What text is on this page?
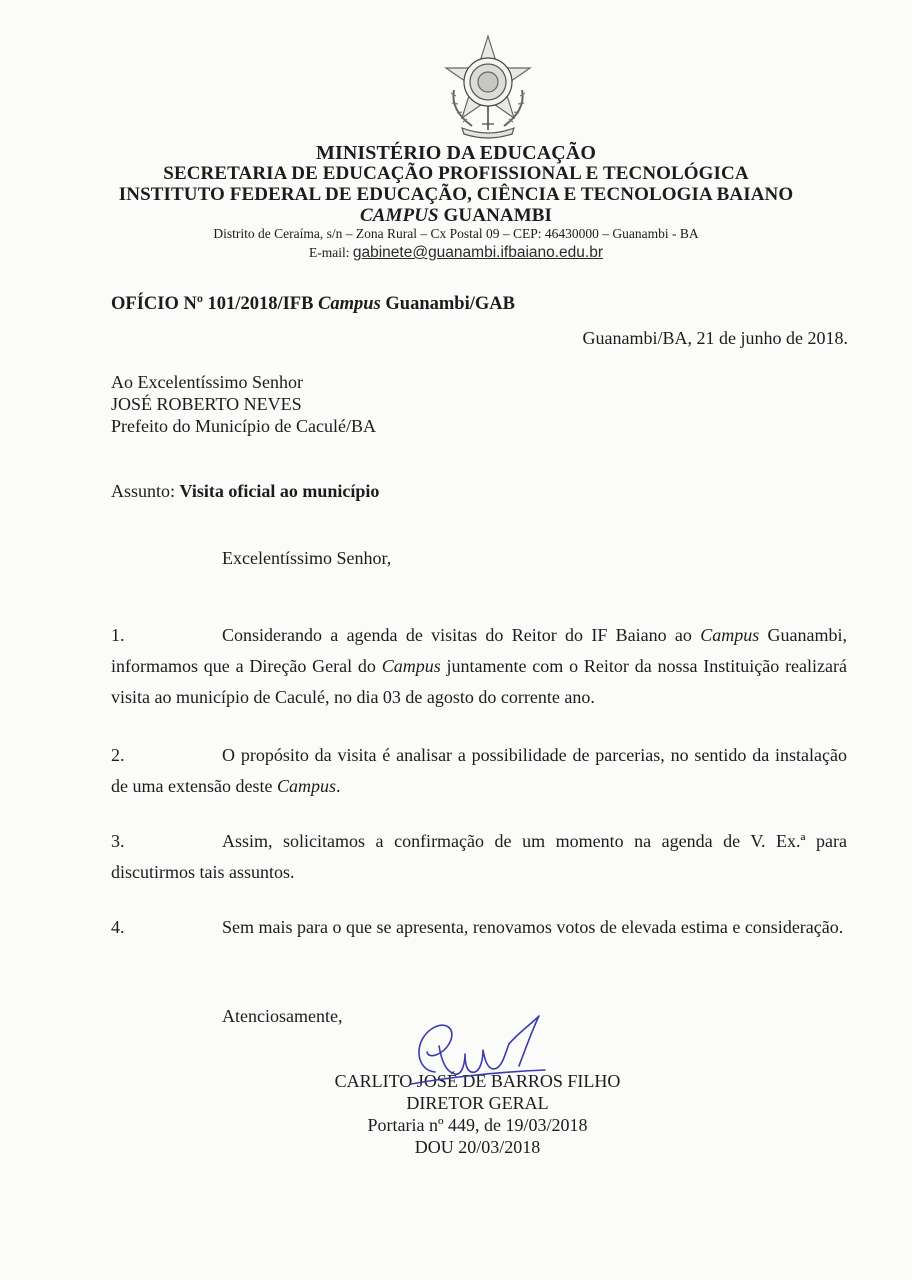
MINISTÉRIO DA EDUCAÇÃO
SECRETARIA DE EDUCAÇÃO PROFISSIONAL E TECNOLÓGICA
INSTITUTO FEDERAL DE EDUCAÇÃO, CIÊNCIA E TECNOLOGIA BAIANO
CAMPUS GUANAMBI
Distrito de Ceraíma, s/n – Zona Rural – Cx Postal 09 – CEP: 46430000 – Guanambi - BA
E-mail: gabinete@guanambi.ifbaiano.edu.br
OFÍCIO Nº 101/2018/IFB Campus Guanambi/GAB
Guanambi/BA, 21 de junho de 2018.
Ao Excelentíssimo Senhor
JOSÉ ROBERTO NEVES
Prefeito do Município de Caculé/BA
Assunto: Visita oficial ao município
Excelentíssimo Senhor,
1.	Considerando a agenda de visitas do Reitor do IF Baiano ao Campus Guanambi, informamos que a Direção Geral do Campus juntamente com o Reitor da nossa Instituição realizará visita ao município de Caculé, no dia 03 de agosto do corrente ano.
2.	O propósito da visita é analisar a possibilidade de parcerias, no sentido da instalação de uma extensão deste Campus.
3.	Assim, solicitamos a confirmação de um momento na agenda de V. Ex.ª para discutirmos tais assuntos.
4.	Sem mais para o que se apresenta, renovamos votos de elevada estima e consideração.
Atenciosamente,
CARLITO JOSÉ DE BARROS FILHO
DIRETOR GERAL
Portaria nº 449, de 19/03/2018
DOU 20/03/2018
